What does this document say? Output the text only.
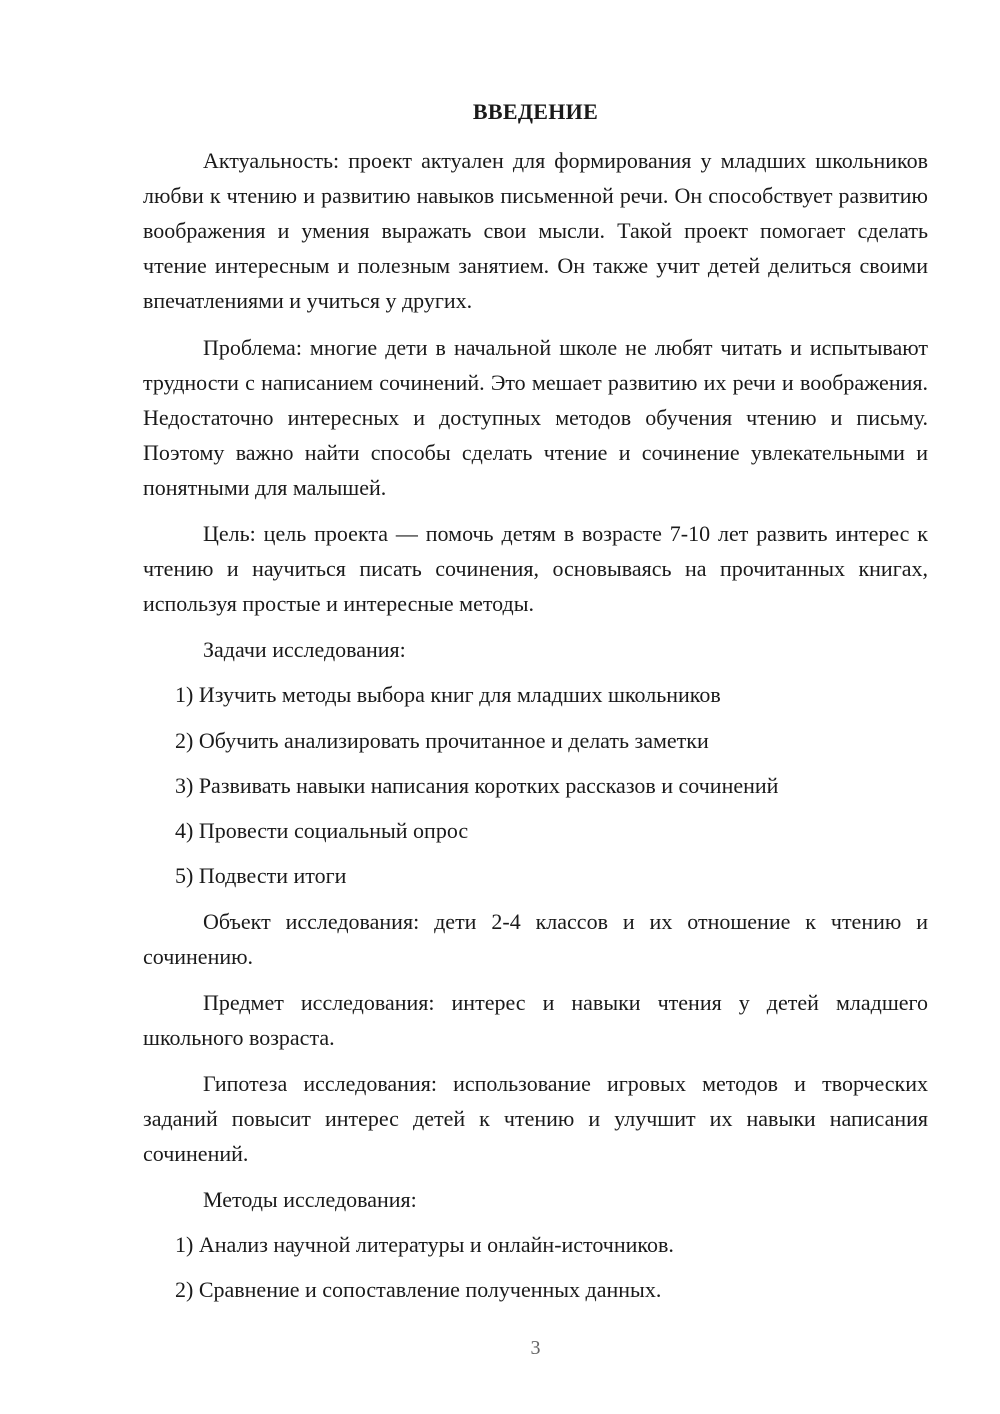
ВВЕДЕНИЕ

Актуальность: проект актуален для формирования у младших школьников любви к чтению и развитию навыков письменной речи. Он способствует развитию воображения и умения выражать свои мысли. Такой проект помогает сделать чтение интересным и полезным занятием. Он также учит детей делиться своими впечатлениями и учиться у других.

Проблема: многие дети в начальной школе не любят читать и испытывают трудности с написанием сочинений. Это мешает развитию их речи и воображения. Недостаточно интересных и доступных методов обучения чтению и письму. Поэтому важно найти способы сделать чтение и сочинение увлекательными и понятными для малышей.

Цель: цель проекта — помочь детям в возрасте 7-10 лет развить интерес к чтению и научиться писать сочинения, основываясь на прочитанных книгах, используя простые и интересные методы.

Задачи исследования:
1) Изучить методы выбора книг для младших школьников
2) Обучить анализировать прочитанное и делать заметки
3) Развивать навыки написания коротких рассказов и сочинений
4) Провести социальный опрос
5) Подвести итоги

Объект исследования: дети 2-4 классов и их отношение к чтению и сочинению.

Предмет исследования: интерес и навыки чтения у детей младшего школьного возраста.

Гипотеза исследования: использование игровых методов и творческих заданий повысит интерес детей к чтению и улучшит их навыки написания сочинений.

Методы исследования:
1) Анализ научной литературы и онлайн-источников.
2) Сравнение и сопоставление полученных данных.
3
